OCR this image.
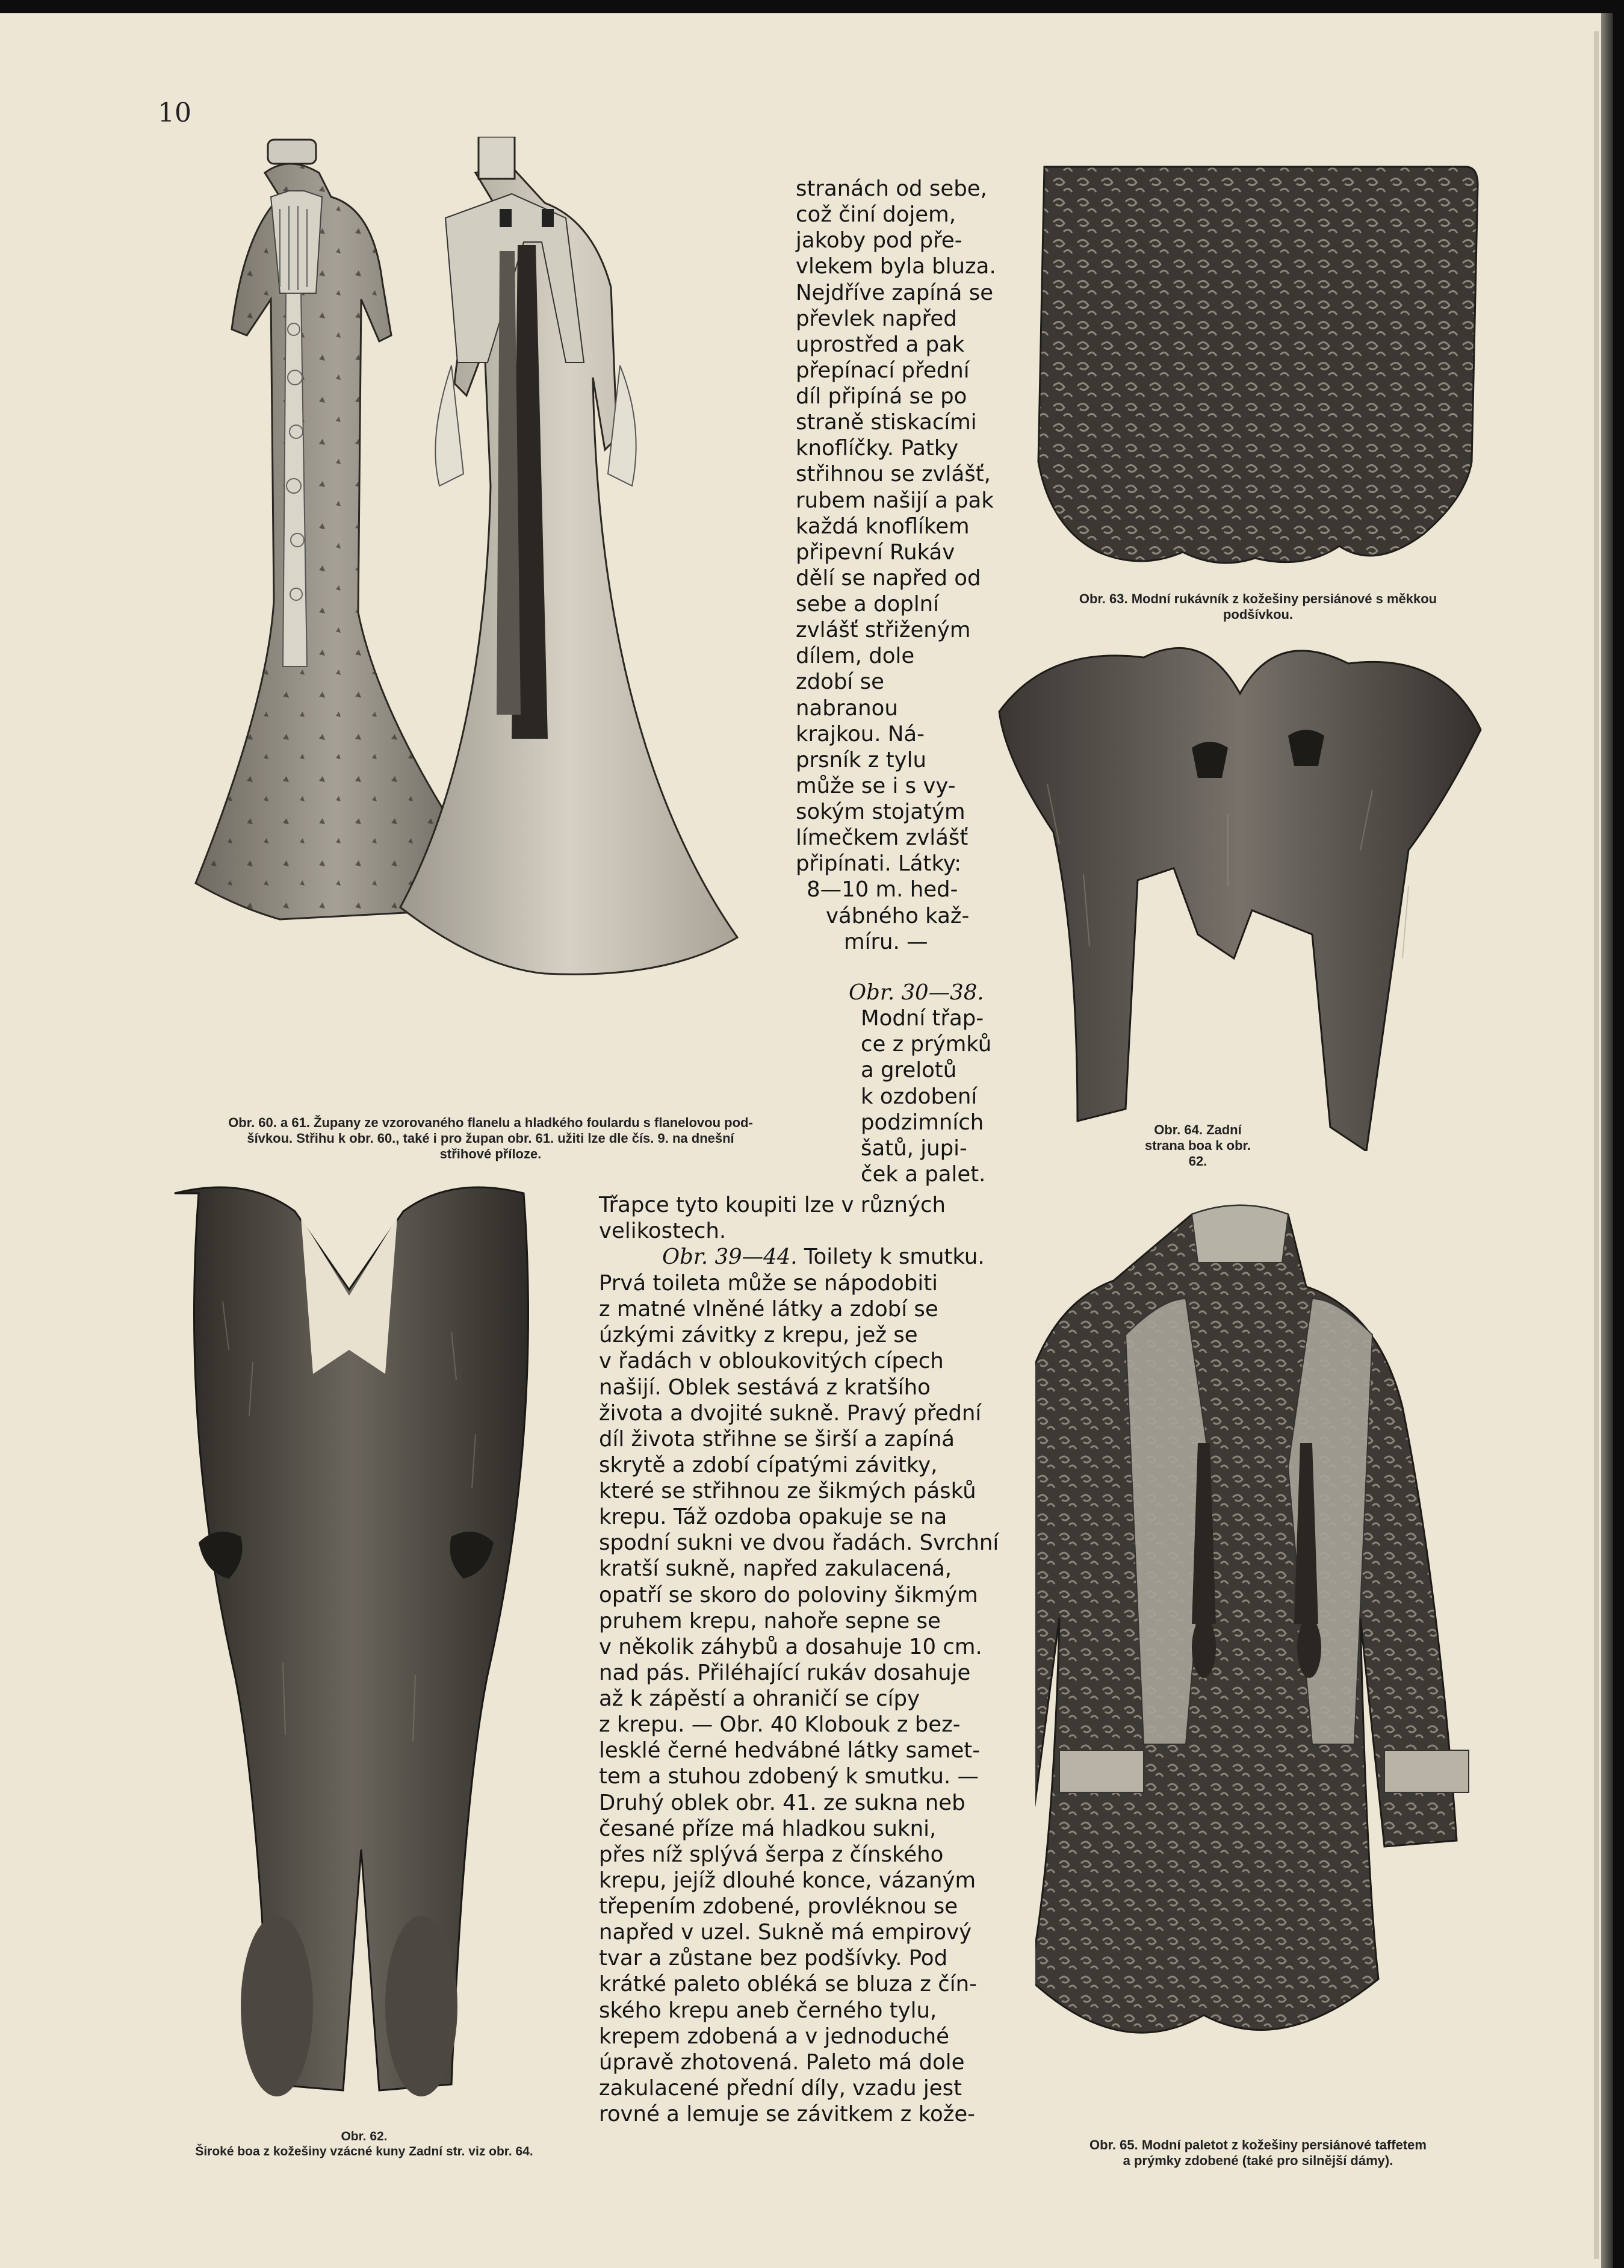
10

Obr. 60. a 61. Župany ze vzorovaného flanelu a hladkého foulardu s flanelovou pod-

šívkou. Střihu k obr. 60., také i pro župan obr. 61. užiti lze dle čís. 9. na dnešní

střihové příloze.

Obr. 62.

Široké boa z kožešiny vzácné kuny Zadní str. viz obr. 64.

stranách od sebe,

což činí dojem,

jakoby pod pře-

vlekem byla bluza.

Nejdříve zapíná se

převlek napřed

uprostřed a pak

přepínací přední

díl připíná se po

straně stiskacími

knoflíčky. Patky

střihnou se zvlášť,

rubem našijí a pak

každá knoflíkem

připevní Rukáv

dělí se napřed od

sebe a doplní

zvlášť střiženým

dílem, dole

zdobí se

nabranou

krajkou. Ná-

prsník z tylu

může se i s vy-

sokým stojatým

límečkem zvlášť

připínati. Látky:

8—10 m. hed-

vábného kaž-

míru. —

Obr. 30—38.

Modní třap-

ce z prýmků

a grelotů

k ozdobení

podzimních

šatů, jupi-

ček a palet.

Třapce tyto koupiti lze v různých

velikostech.

Obr. 39—44. Toilety k smutku.

Prvá toileta může se nápodobiti

z matné vlněné látky a zdobí se

úzkými závitky z krepu, jež se

v řadách v obloukovitých cípech

našijí. Oblek sestává z kratšího

života a dvojité sukně. Pravý přední

díl života střihne se širší a zapíná

skrytě a zdobí cípatými závitky,

které se střihnou ze šikmých pásků

krepu. Táž ozdoba opakuje se na

spodní sukni ve dvou řadách. Svrchní

kratší sukně, napřed zakulacená,

opatří se skoro do poloviny šikmým

pruhem krepu, nahoře sepne se

v několik záhybů a dosahuje 10 cm.

nad pás. Přiléhající rukáv dosahuje

až k zápěstí a ohraničí se cípy

z krepu. — Obr. 40 Klobouk z bez-

lesklé černé hedvábné látky samet-

tem a stuhou zdobený k smutku. —

Druhý oblek obr. 41. ze sukna neb

česané příze má hladkou sukni,

přes níž splývá šerpa z čínského

krepu, jejíž dlouhé konce, vázaným

třepením zdobené, provléknou se

napřed v uzel. Sukně má empirový

tvar a zůstane bez podšívky. Pod

krátké paleto obléká se bluza z čín-

ského krepu aneb černého tylu,

krepem zdobená a v jednoduché

úpravě zhotovená. Paleto má dole

zakulacené přední díly, vzadu jest

rovné a lemuje se závitkem z kože-

Obr. 63. Modní rukávník z kožešiny persiánové s měkkou

podšívkou.

Obr. 64. Zadní

strana boa k obr.

62.

Obr. 65. Modní paletot z kožešiny persiánové taffetem

a prýmky zdobené (také pro silnější dámy).
